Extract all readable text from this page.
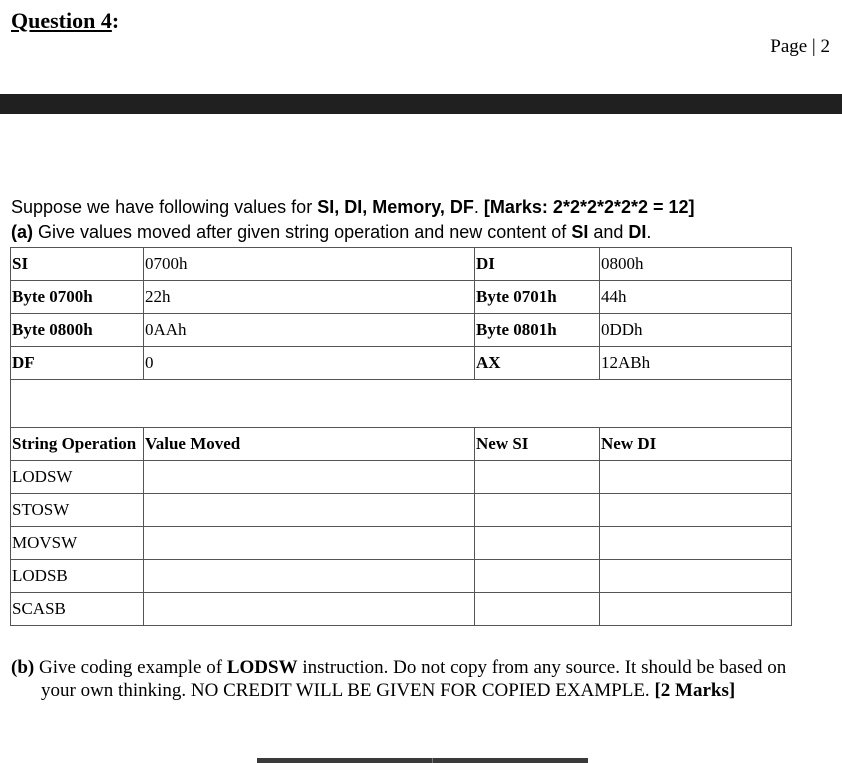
Question 4:
Page | 2
Suppose we have following values for SI, DI, Memory, DF. [Marks: 2*2*2*2*2*2 = 12]
(a) Give values moved after given string operation and new content of SI and DI.
SI	0700h	DI	0800h
Byte 0700h	22h	Byte 0701h	44h
Byte 0800h	0AAh	Byte 0801h	0DDh
DF	0	AX	12ABh

String Operation	Value Moved	New SI	New DI
LODSW			
STOSW			
MOVSW			
LODSB			
SCASB			
(b) Give coding example of LODSW instruction. Do not copy from any source. It should be based on your own thinking. NO CREDIT WILL BE GIVEN FOR COPIED EXAMPLE. [2 Marks]
